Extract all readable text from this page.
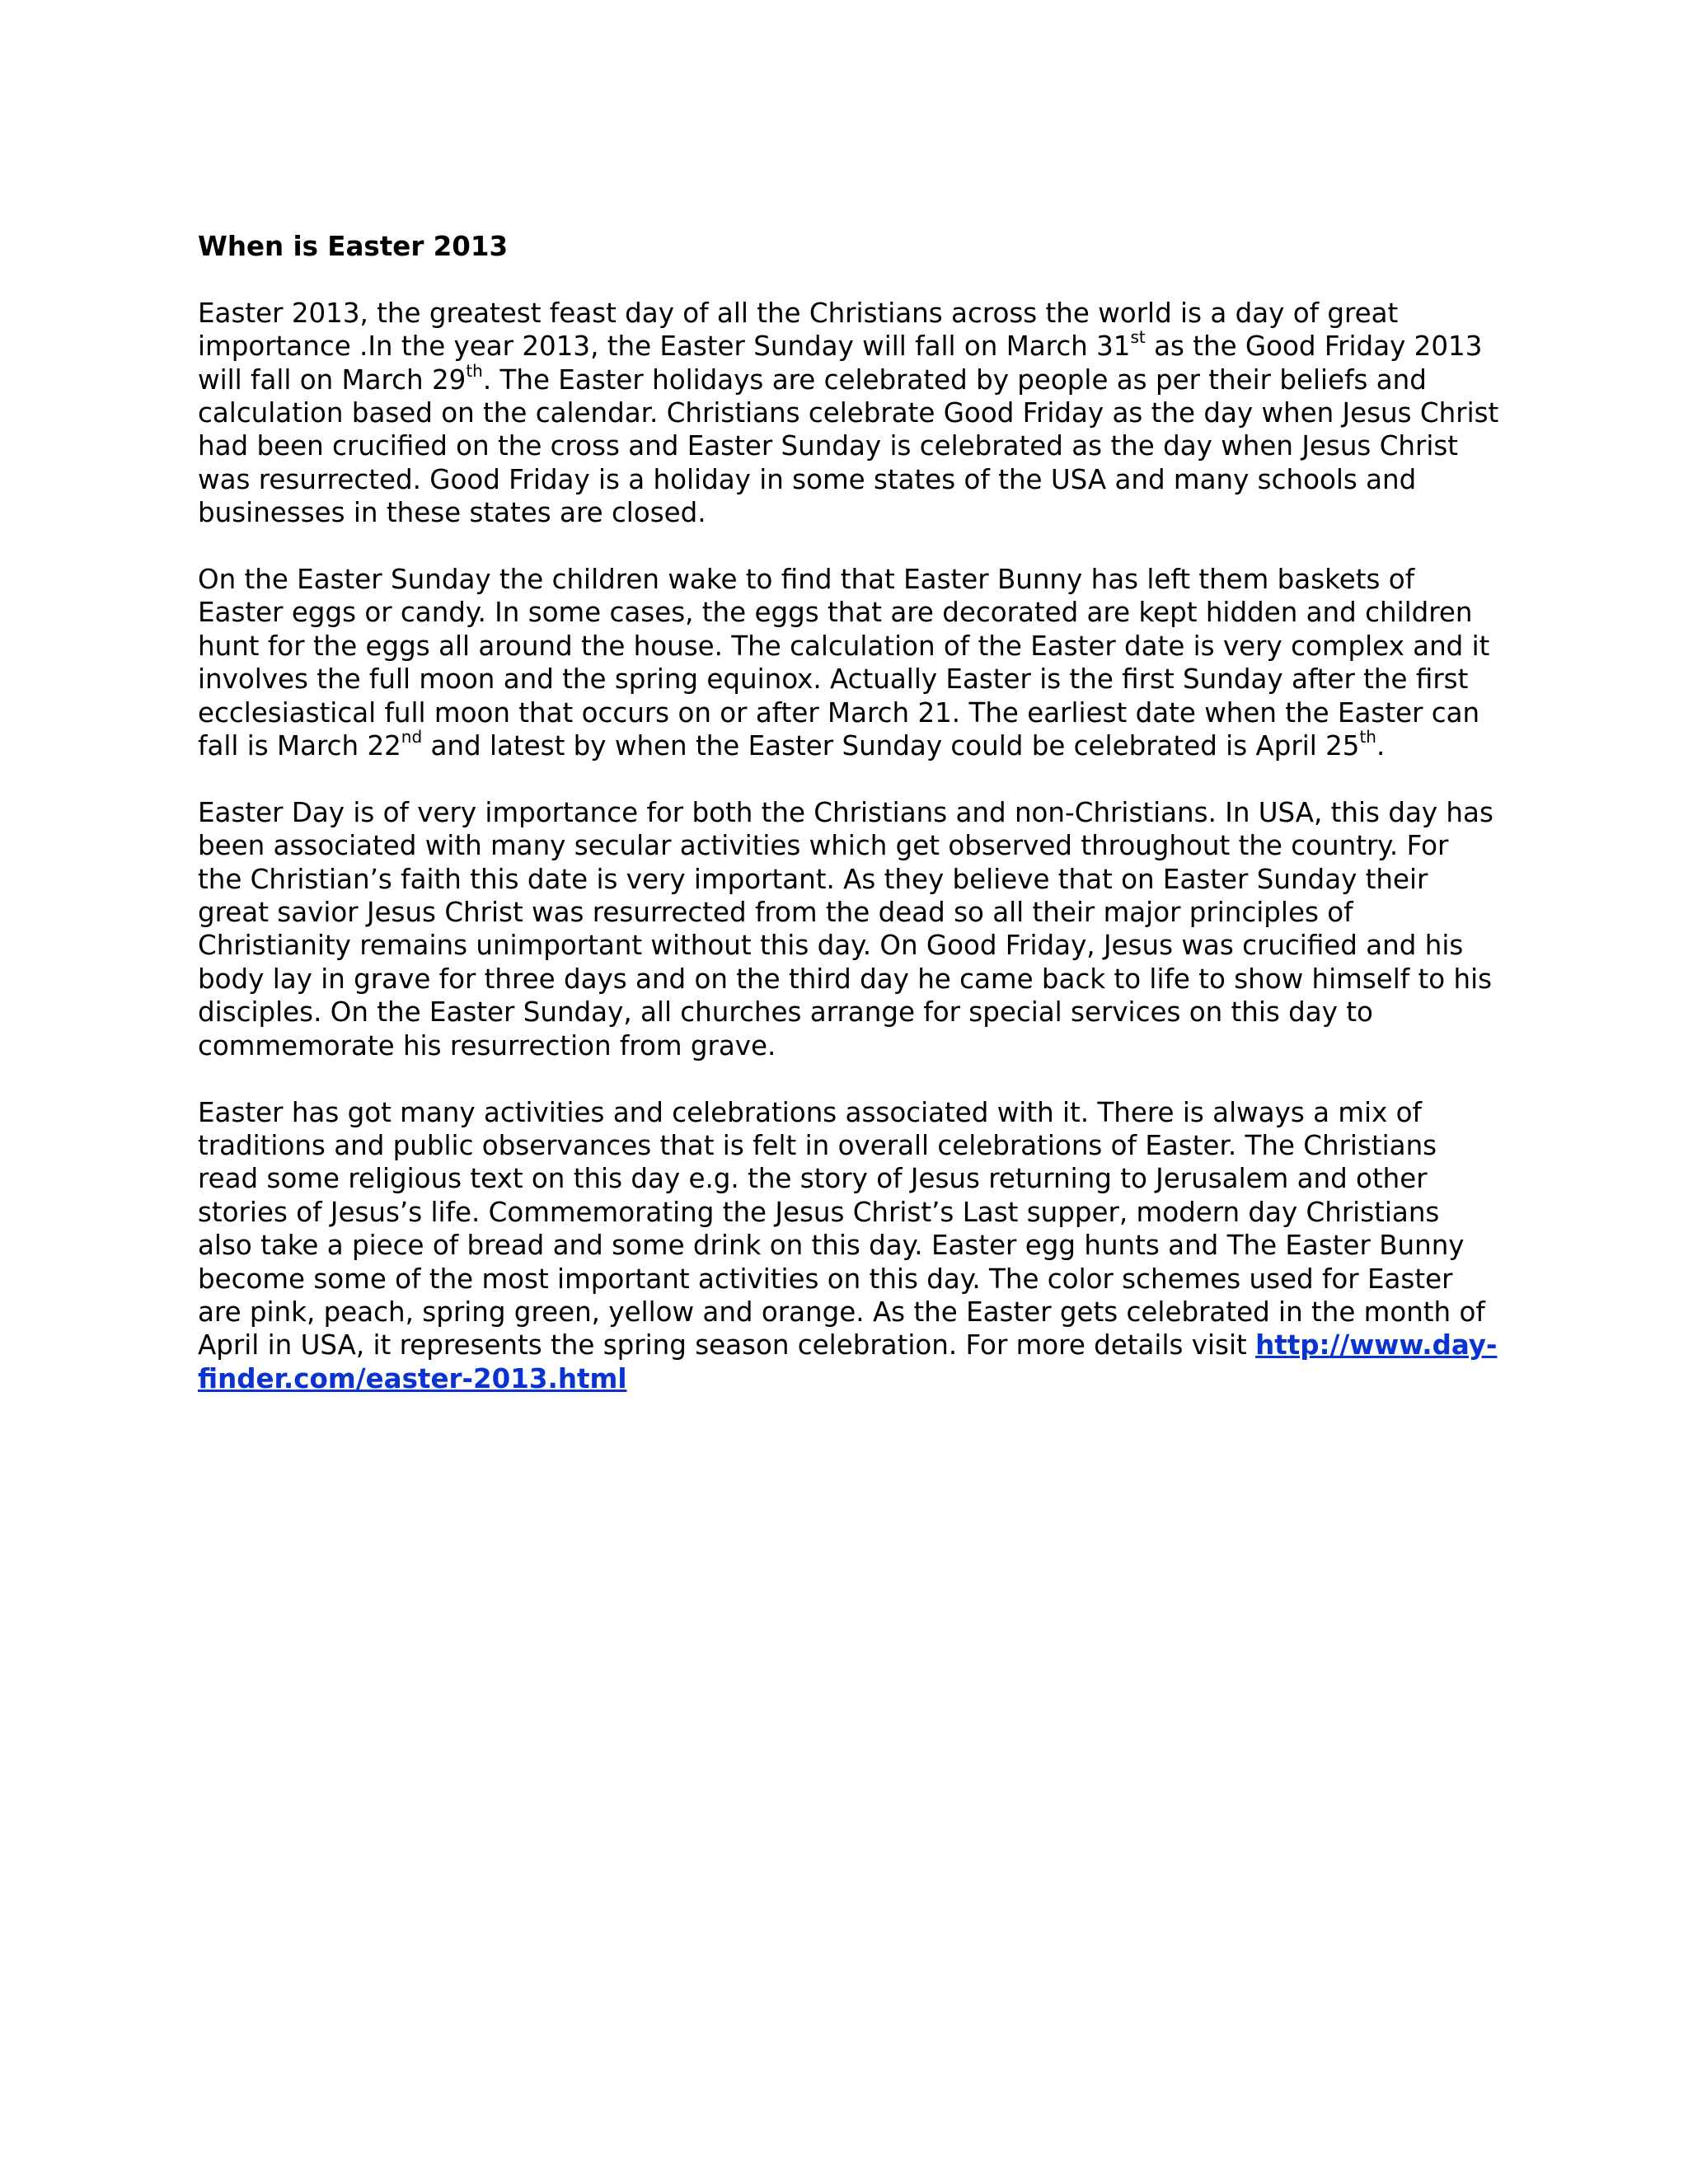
When is Easter 2013
Easter 2013, the greatest feast day of all the Christians across the world is a day of great importance .In the year 2013, the Easter Sunday will fall on March 31st as the Good Friday 2013 will fall on March 29th. The Easter holidays are celebrated by people as per their beliefs and calculation based on the calendar. Christians celebrate Good Friday as the day when Jesus Christ had been crucified on the cross and Easter Sunday is celebrated as the day when Jesus Christ was resurrected. Good Friday is a holiday in some states of the USA and many schools and businesses in these states are closed.
On the Easter Sunday the children wake to find that Easter Bunny has left them baskets of Easter eggs or candy. In some cases, the eggs that are decorated are kept hidden and children hunt for the eggs all around the house. The calculation of the Easter date is very complex and it involves the full moon and the spring equinox. Actually Easter is the first Sunday after the first ecclesiastical full moon that occurs on or after March 21. The earliest date when the Easter can fall is March 22nd and latest by when the Easter Sunday could be celebrated is April 25th.
Easter Day is of very importance for both the Christians and non-Christians. In USA, this day has been associated with many secular activities which get observed throughout the country. For the Christian’s faith this date is very important. As they believe that on Easter Sunday their great savior Jesus Christ was resurrected from the dead so all their major principles of Christianity remains unimportant without this day. On Good Friday, Jesus was crucified and his body lay in grave for three days and on the third day he came back to life to show himself to his disciples. On the Easter Sunday, all churches arrange for special services on this day to commemorate his resurrection from grave.
Easter has got many activities and celebrations associated with it. There is always a mix of traditions and public observances that is felt in overall celebrations of Easter. The Christians read some religious text on this day e.g. the story of Jesus returning to Jerusalem and other stories of Jesus’s life. Commemorating the Jesus Christ’s Last supper, modern day Christians also take a piece of bread and some drink on this day. Easter egg hunts and The Easter Bunny become some of the most important activities on this day. The color schemes used for Easter are pink, peach, spring green, yellow and orange. As the Easter gets celebrated in the month of April in USA, it represents the spring season celebration. For more details visit http://www.day-finder.com/easter-2013.html
